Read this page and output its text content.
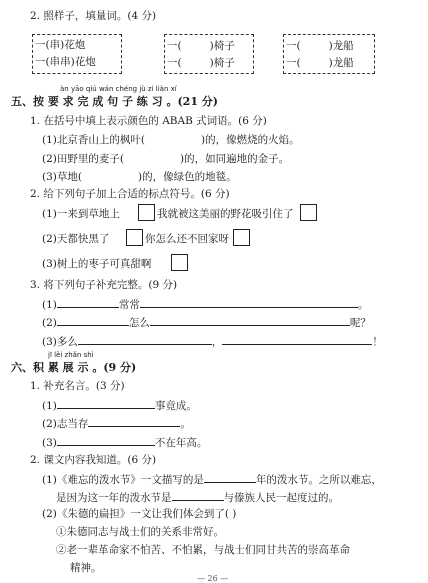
2. 照样子，填量词。(4 分)
一(串)花炮
一(串串)花炮
一(	)椅子
一(	)椅子
一(	)龙船
一(	)龙船
àn yāo qiú wán chéng jù zi liàn xí
五、按 要 求 完 成 句 子 练 习 。(21 分)
1. 在括号中填上表示颜色的 ABAB 式词语。(6 分)
(1)北京香山上的枫叶(	)的，像燃烧的火焰。
(2)田野里的麦子(	)的，如同遍地的金子。
(3)草地(	)的，像绿色的地毯。
2. 给下列句子加上合适的标点符号。(6 分)
(1)一来到草地上	我就被这美丽的野花吸引住了
(2)天都快黑了	你怎么还不回家呀
(3)树上的枣子可真甜啊
3. 将下列句子补充完整。(9 分)
(1)	常常	。
(2)	怎么	呢？
(3)多么	，	！
jī lěi zhǎn shì
六、积 累 展 示 。(9 分)
1. 补充名言。(3 分)
(1)	事竟成。
(2)志当存	。
(3)	不在年高。
2. 课文内容我知道。(6 分)
(1)《难忘的泼水节》一文描写的是	年的泼水节。之所以难忘，
是因为这一年的泼水节是	与傣族人民一起度过的。
(2)《朱德的扁担》一文让我们体会到了( )
①朱德同志与战士们的关系非常好。
②老一辈革命家不怕苦、不怕累，与战士们同甘共苦的崇高革命
精神。
— 26 —
